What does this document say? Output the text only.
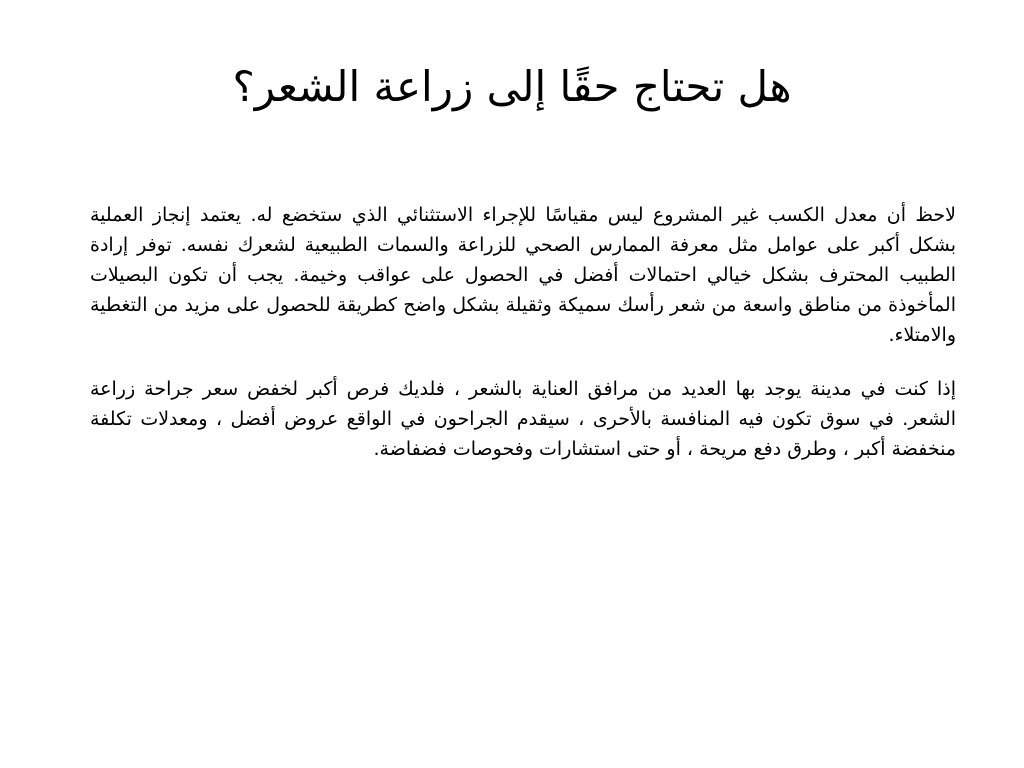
هل تحتاج حقًا إلى زراعة الشعر؟

لاحظ أن معدل الكسب غير المشروع ليس مقياسًا للإجراء الاستثنائي الذي ستخضع له. يعتمد إنجاز العملية بشكل أكبر على عوامل مثل معرفة الممارس الصحي للزراعة والسمات الطبيعية لشعرك نفسه. توفر إرادة الطبيب المحترف بشكل خيالي احتمالات أفضل في الحصول على عواقب وخيمة. يجب أن تكون البصيلات المأخوذة من مناطق واسعة من شعر رأسك سميكة وثقيلة بشكل واضح كطريقة للحصول على مزيد من التغطية والامتلاء.

إذا كنت في مدينة يوجد بها العديد من مرافق العناية بالشعر ، فلديك فرص أكبر لخفض سعر جراحة زراعة الشعر. في سوق تكون فيه المنافسة بالأحرى ، سيقدم الجراحون في الواقع عروض أفضل ، ومعدلات تكلفة منخفضة أكبر ، وطرق دفع مريحة ، أو حتى استشارات وفحوصات فضفاضة.
